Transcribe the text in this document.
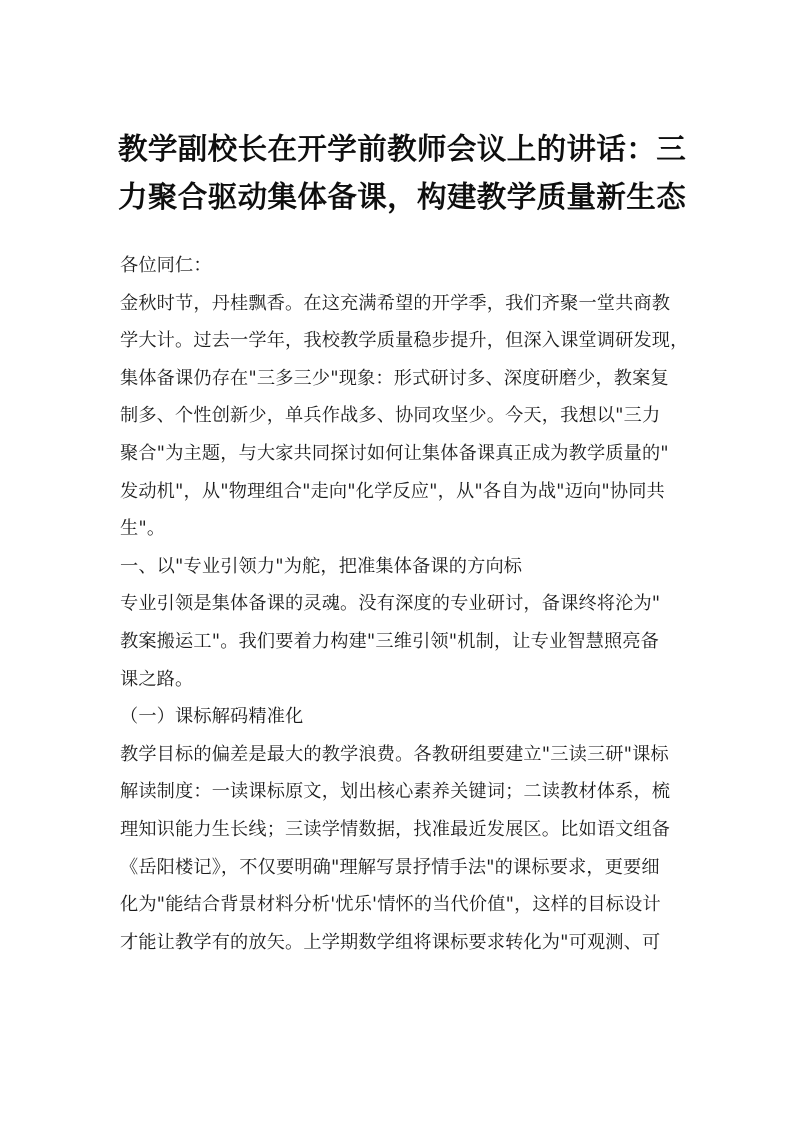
教学副校长在开学前教师会议上的讲话：三
力聚合驱动集体备课，构建教学质量新生态
各位同仁：
金秋时节，丹桂飘香。在这充满希望的开学季，我们齐聚一堂共商教
学大计。过去一学年，我校教学质量稳步提升，但深入课堂调研发现，
集体备课仍存在"三多三少"现象：形式研讨多、深度研磨少，教案复
制多、个性创新少，单兵作战多、协同攻坚少。今天，我想以"三力
聚合"为主题，与大家共同探讨如何让集体备课真正成为教学质量的"
发动机"，从"物理组合"走向"化学反应"，从"各自为战"迈向"协同共
生"。
一、以"专业引领力"为舵，把准集体备课的方向标
专业引领是集体备课的灵魂。没有深度的专业研讨，备课终将沦为"
教案搬运工"。我们要着力构建"三维引领"机制，让专业智慧照亮备
课之路。
（一）课标解码精准化
教学目标的偏差是最大的教学浪费。各教研组要建立"三读三研"课标
解读制度：一读课标原文，划出核心素养关键词；二读教材体系，梳
理知识能力生长线；三读学情数据，找准最近发展区。比如语文组备
《岳阳楼记》，不仅要明确"理解写景抒情手法"的课标要求，更要细
化为"能结合背景材料分析'忧乐'情怀的当代价值"，这样的目标设计
才能让教学有的放矢。上学期数学组将课标要求转化为"可观测、可
